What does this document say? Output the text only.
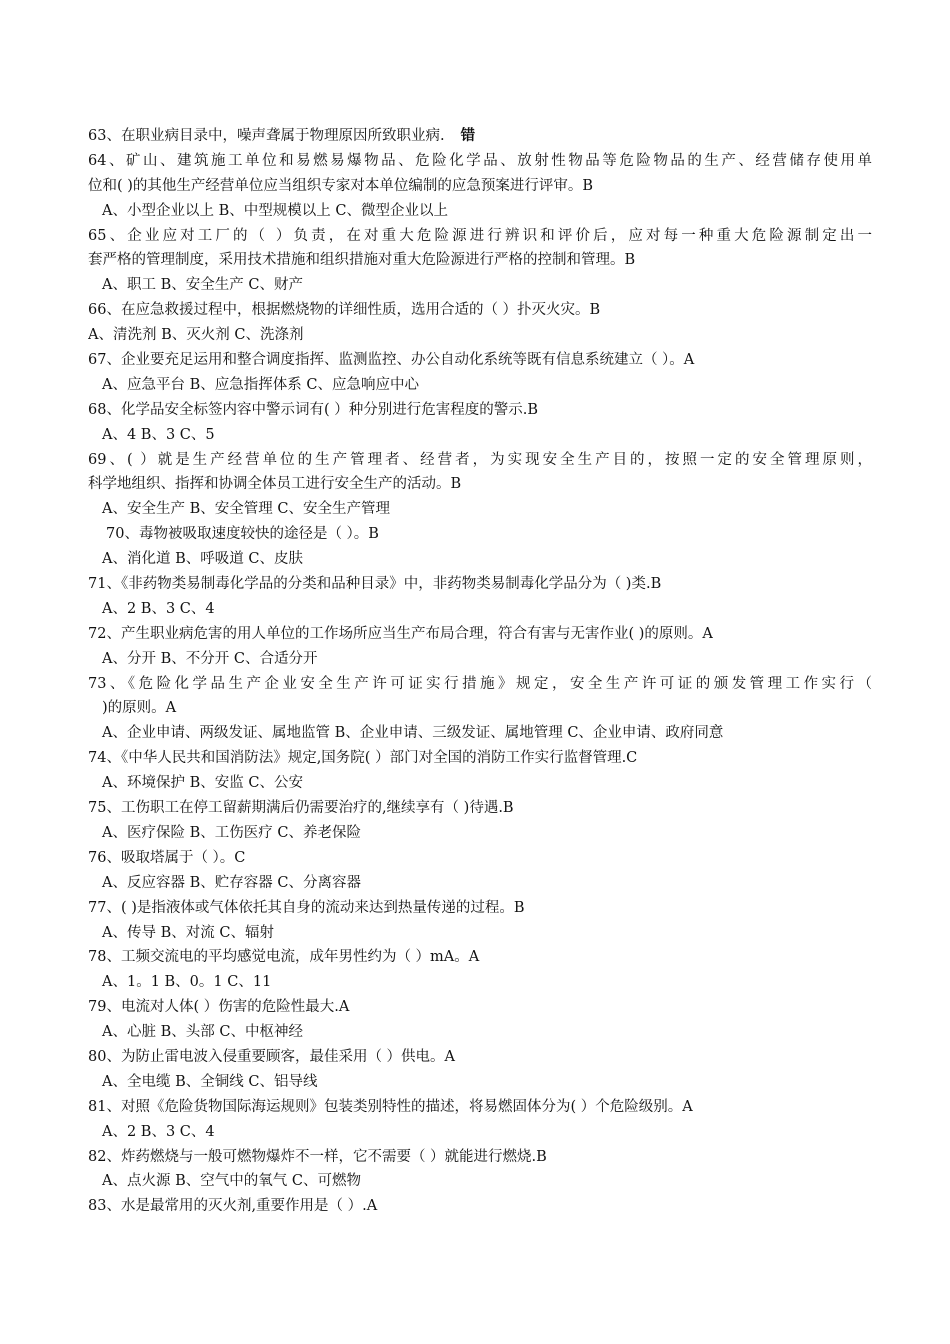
63、在职业病目录中，噪声聋属于物理原因所致职业病. 错
64、矿山、建筑施工单位和易燃易爆物品、危险化学品、放射性物品等危险物品的生产、经营储存使用单
位和( )的其他生产经营单位应当组织专家对本单位编制的应急预案进行评审。B
A、小型企业以上 B、中型规模以上 C、微型企业以上
65、企业应对工厂的（ ）负责，在对重大危险源进行辨识和评价后，应对每一种重大危险源制定出一
套严格的管理制度，采用技术措施和组织措施对重大危险源进行严格的控制和管理。B
A、职工 B、安全生产 C、财产
66、在应急救援过程中，根据燃烧物的详细性质，选用合适的（ ）扑灭火灾。B
A、清洗剂 B、灭火剂 C、洗涤剂
67、企业要充足运用和整合调度指挥、监测监控、办公自动化系统等既有信息系统建立（ ）。A
A、应急平台 B、应急指挥体系 C、应急响应中心
68、化学品安全标签内容中警示词有( ）种分别进行危害程度的警示.B
A、4 B、3 C、5
69、( ）就是生产经营单位的生产管理者、经营者，为实现安全生产目的，按照一定的安全管理原则，
科学地组织、指挥和协调全体员工进行安全生产的活动。B
A、安全生产 B、安全管理 C、安全生产管理
70、毒物被吸取速度较快的途径是（ ）。B
A、消化道 B、呼吸道 C、皮肤
71、《非药物类易制毒化学品的分类和品种目录》中，非药物类易制毒化学品分为（ )类.B
A、2 B、3 C、4
72、产生职业病危害的用人单位的工作场所应当生产布局合理，符合有害与无害作业( )的原则。A
A、分开 B、不分开 C、合适分开
73、《危险化学品生产企业安全生产许可证实行措施》规定，安全生产许可证的颁发管理工作实行（
)的原则。A
A、企业申请、两级发证、属地监管 B、企业申请、三级发证、属地管理 C、企业申请、政府同意
74、《中华人民共和国消防法》规定,国务院( ）部门对全国的消防工作实行监督管理.C
A、环境保护 B、安监 C、公安
75、工伤职工在停工留薪期满后仍需要治疗的,继续享有（ )待遇.B
A、医疗保险 B、工伤医疗 C、养老保险
76、吸取塔属于（ ）。C
A、反应容器 B、贮存容器 C、分离容器
77、( )是指液体或气体依托其自身的流动来达到热量传递的过程。B
A、传导 B、对流 C、辐射
78、工频交流电的平均感觉电流，成年男性约为（ ）mA。A
A、1。1 B、0。1 C、11
79、电流对人体( ）伤害的危险性最大.A
A、心脏 B、头部 C、中枢神经
80、为防止雷电波入侵重要顾客，最佳采用（ ）供电。A
A、全电缆 B、全铜线 C、铝导线
81、对照《危险货物国际海运规则》包装类别特性的描述，将易燃固体分为( ）个危险级别。A
A、2 B、3 C、4
82、炸药燃烧与一般可燃物爆炸不一样，它不需要（ ）就能进行燃烧.B
A、点火源 B、空气中的氧气 C、可燃物
83、水是最常用的灭火剂,重要作用是（ ）.A
